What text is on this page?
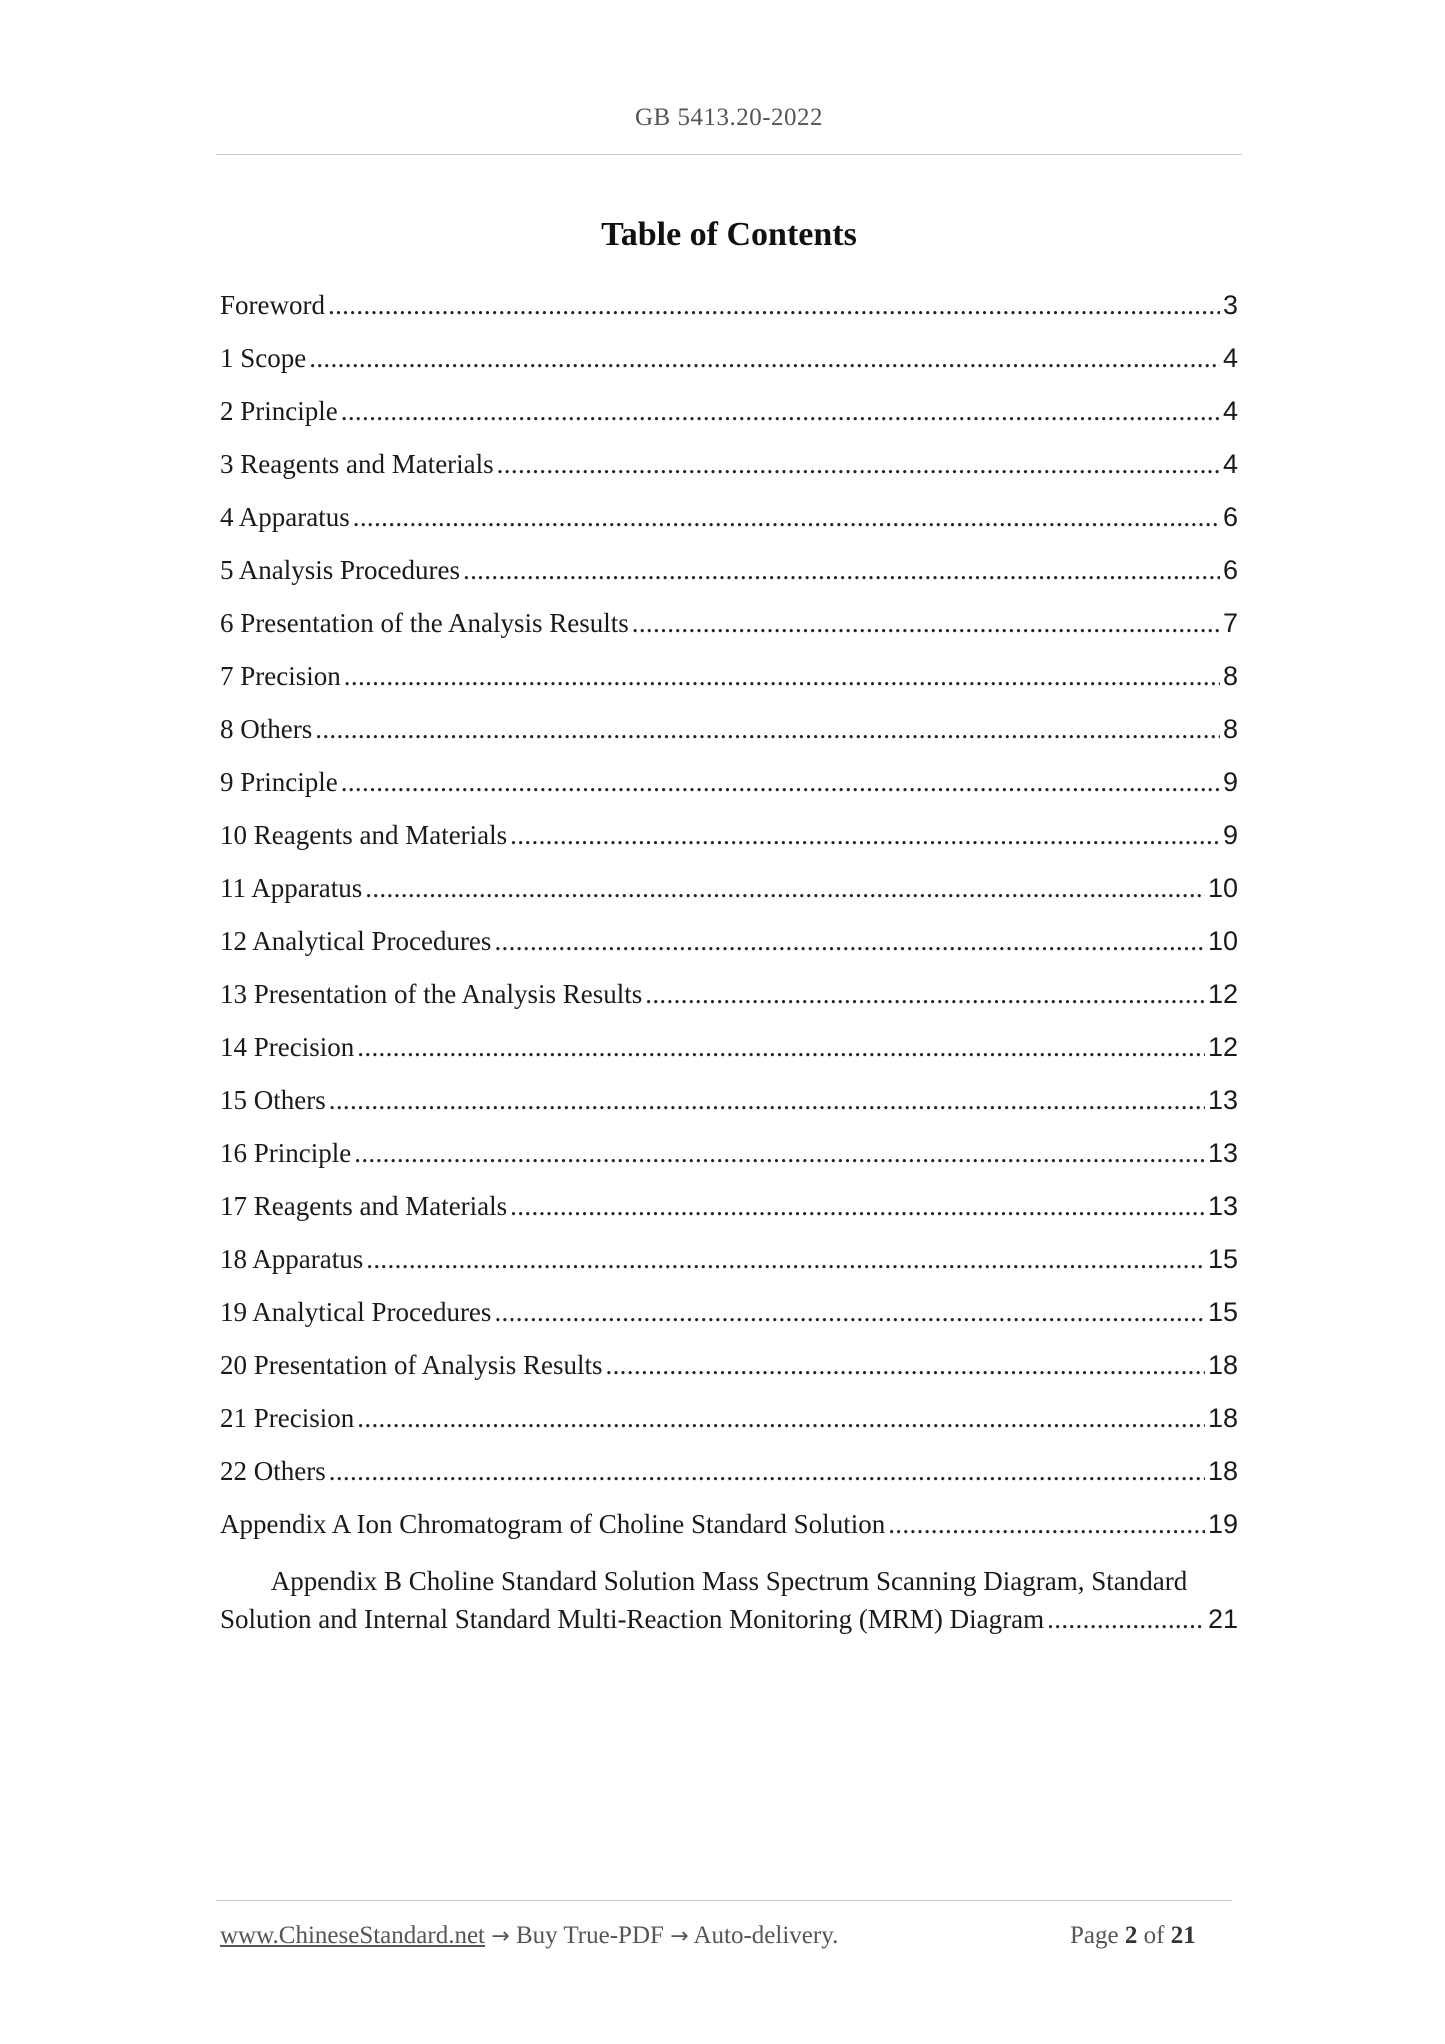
GB 5413.20-2022
Table of Contents
Foreword . . .	3
1 Scope . . .	4
2 Principle . . .	4
3 Reagents and Materials . . .	4
4 Apparatus . . .	6
5 Analysis Procedures . . .	6
6 Presentation of the Analysis Results . . .	7
7 Precision . . .	8
8 Others . . .	8
9 Principle . . .	9
10 Reagents and Materials . . .	9
11 Apparatus . . .	10
12 Analytical Procedures . . .	10
13 Presentation of the Analysis Results . . .	12
14 Precision . . .	12
15 Others . . .	13
16 Principle . . .	13
17 Reagents and Materials . . .	13
18 Apparatus . . .	15
19 Analytical Procedures . . .	15
20 Presentation of Analysis Results . . .	18
21 Precision . . .	18
22 Others . . .	18
Appendix A Ion Chromatogram of Choline Standard Solution . . .	19
Appendix B Choline Standard Solution Mass Spectrum Scanning Diagram, Standard
Solution and Internal Standard Multi-Reaction Monitoring (MRM) Diagram . . .	21
www.ChineseStandard.net → Buy True-PDF → Auto-delivery.	Page 2 of 21
